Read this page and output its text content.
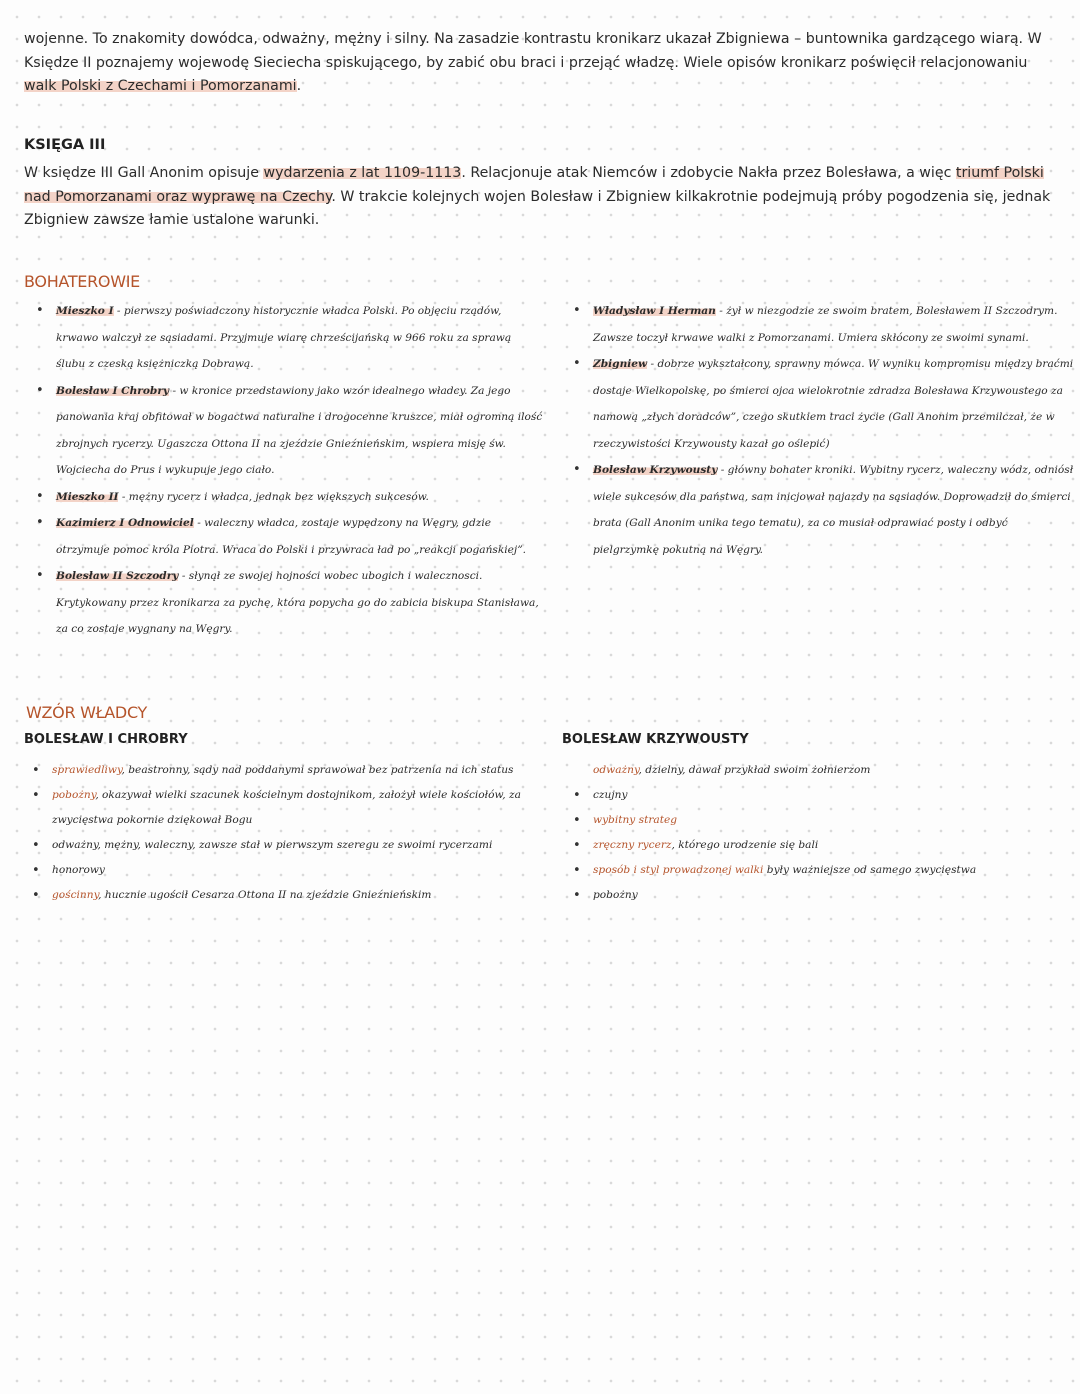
wojenne. To znakomity dowódca, odważny, mężny i silny. Na zasadzie kontrastu kronikarz ukazał Zbigniewa – buntownika gardzącego wiarą. W Księdze II poznajemy wojewodę Sieciecha spiskującego, by zabić obu braci i przejąć władzę. Wiele opisów kronikarz poświęcił relacjonowaniu walk Polski z Czechami i Pomorzanami.
KSIĘGA III
W księdze III Gall Anonim opisuje wydarzenia z lat 1109-1113. Relacjonuje atak Niemców i zdobycie Nakła przez Bolesława, a więc triumf Polski nad Pomorzanami oraz wyprawę na Czechy. W trakcie kolejnych wojen Bolesław i Zbigniew kilkakrotnie podejmują próby pogodzenia się, jednak Zbigniew zawsze łamie ustalone warunki.
BOHATEROWIE
• Mieszko I - pierwszy poświadczony historycznie władca Polski. Po objęciu rządów, krwawo walczył ze sąsiadami. Przyjmuje wiarę chrześcijańską w 966 roku za sprawą ślubu z czeską księżniczką Dobrawą.
• Bolesław I Chrobry - w kronice przedstawiony jako wzór idealnego władcy. Za jego panowania kraj obfitował w bogactwa naturalne i drogocenne kruszce, miał ogromną ilość zbrojnych rycerzy. Ugaszcza Ottona II na zjeździe Gnieźnieńskim, wspiera misję św. Wojciecha do Prus i wykupuje jego ciało.
• Mieszko II - mężny rycerz i władca, jednak bez większych sukcesów.
• Kazimierz I Odnowiciel - waleczny władca, zostaje wypędzony na Węgry, gdzie otrzymuje pomoc króla Piotra. Wraca do Polski i przywraca ład po „reakcji pogańskiej”.
• Bolesław II Szczodry - słynął ze swojej hojności wobec ubogich i walecznosci. Krytykowany przez kronikarza za pychę, która popycha go do zabicia biskupa Stanisława, za co zostaje wygnany na Węgry.
• Władysław I Herman - żył w niezgodzie ze swoim bratem, Bolesławem II Szczodrym. Zawsze toczył krwawe walki z Pomorzanami. Umiera skłócony ze swoimi synami.
• Zbigniew - dobrze wykształcony, sprawny mówca. W wyniku kompromisu między braćmi dostaje Wielkopolskę, po śmierci ojca wielokrotnie zdradza Bolesława Krzywoustego za namową „złych doradców”, czego skutkiem traci życie (Gall Anonim przemilczał, że w rzeczywistości Krzywousty kazał go oślepić)
• Bolesław Krzywousty - główny bohater kroniki. Wybitny rycerz, waleczny wódz, odniósł wiele sukcesów dla państwa, sam inicjował najazdy na sąsiadów. Doprowadził do śmierci brata (Gall Anonim unika tego tematu), za co musiał odprawiać posty i odbyć pielgrzymkę pokutną na Węgry.
WZÓR WŁADCY
BOLESŁAW I CHROBRY
• sprawiedliwy, beastronny, sądy nad poddanymi sprawował bez patrzenia na ich status
• pobożny, okazywał wielki szacunek kościelnym dostojnikom, założył wiele kościołów, za zwycięstwa pokornie dziękował Bogu
• odważny, mężny, waleczny, zawsze stał w pierwszym szeregu ze swoimi rycerzami
• honorowy
• gościnny, hucznie ugościł Cesarza Ottona II na zjeździe Gnieźnieńskim
BOLESŁAW KRZYWOUSTY
odważny, dzielny, dawał przykład swoim żołnierzom
• czujny
• wybitny strateg
• zręczny rycerz, którego urodzenie się bali
• sposób i styl prowadzonej walki były ważniejsze od samego zwycięstwa
• pobożny
